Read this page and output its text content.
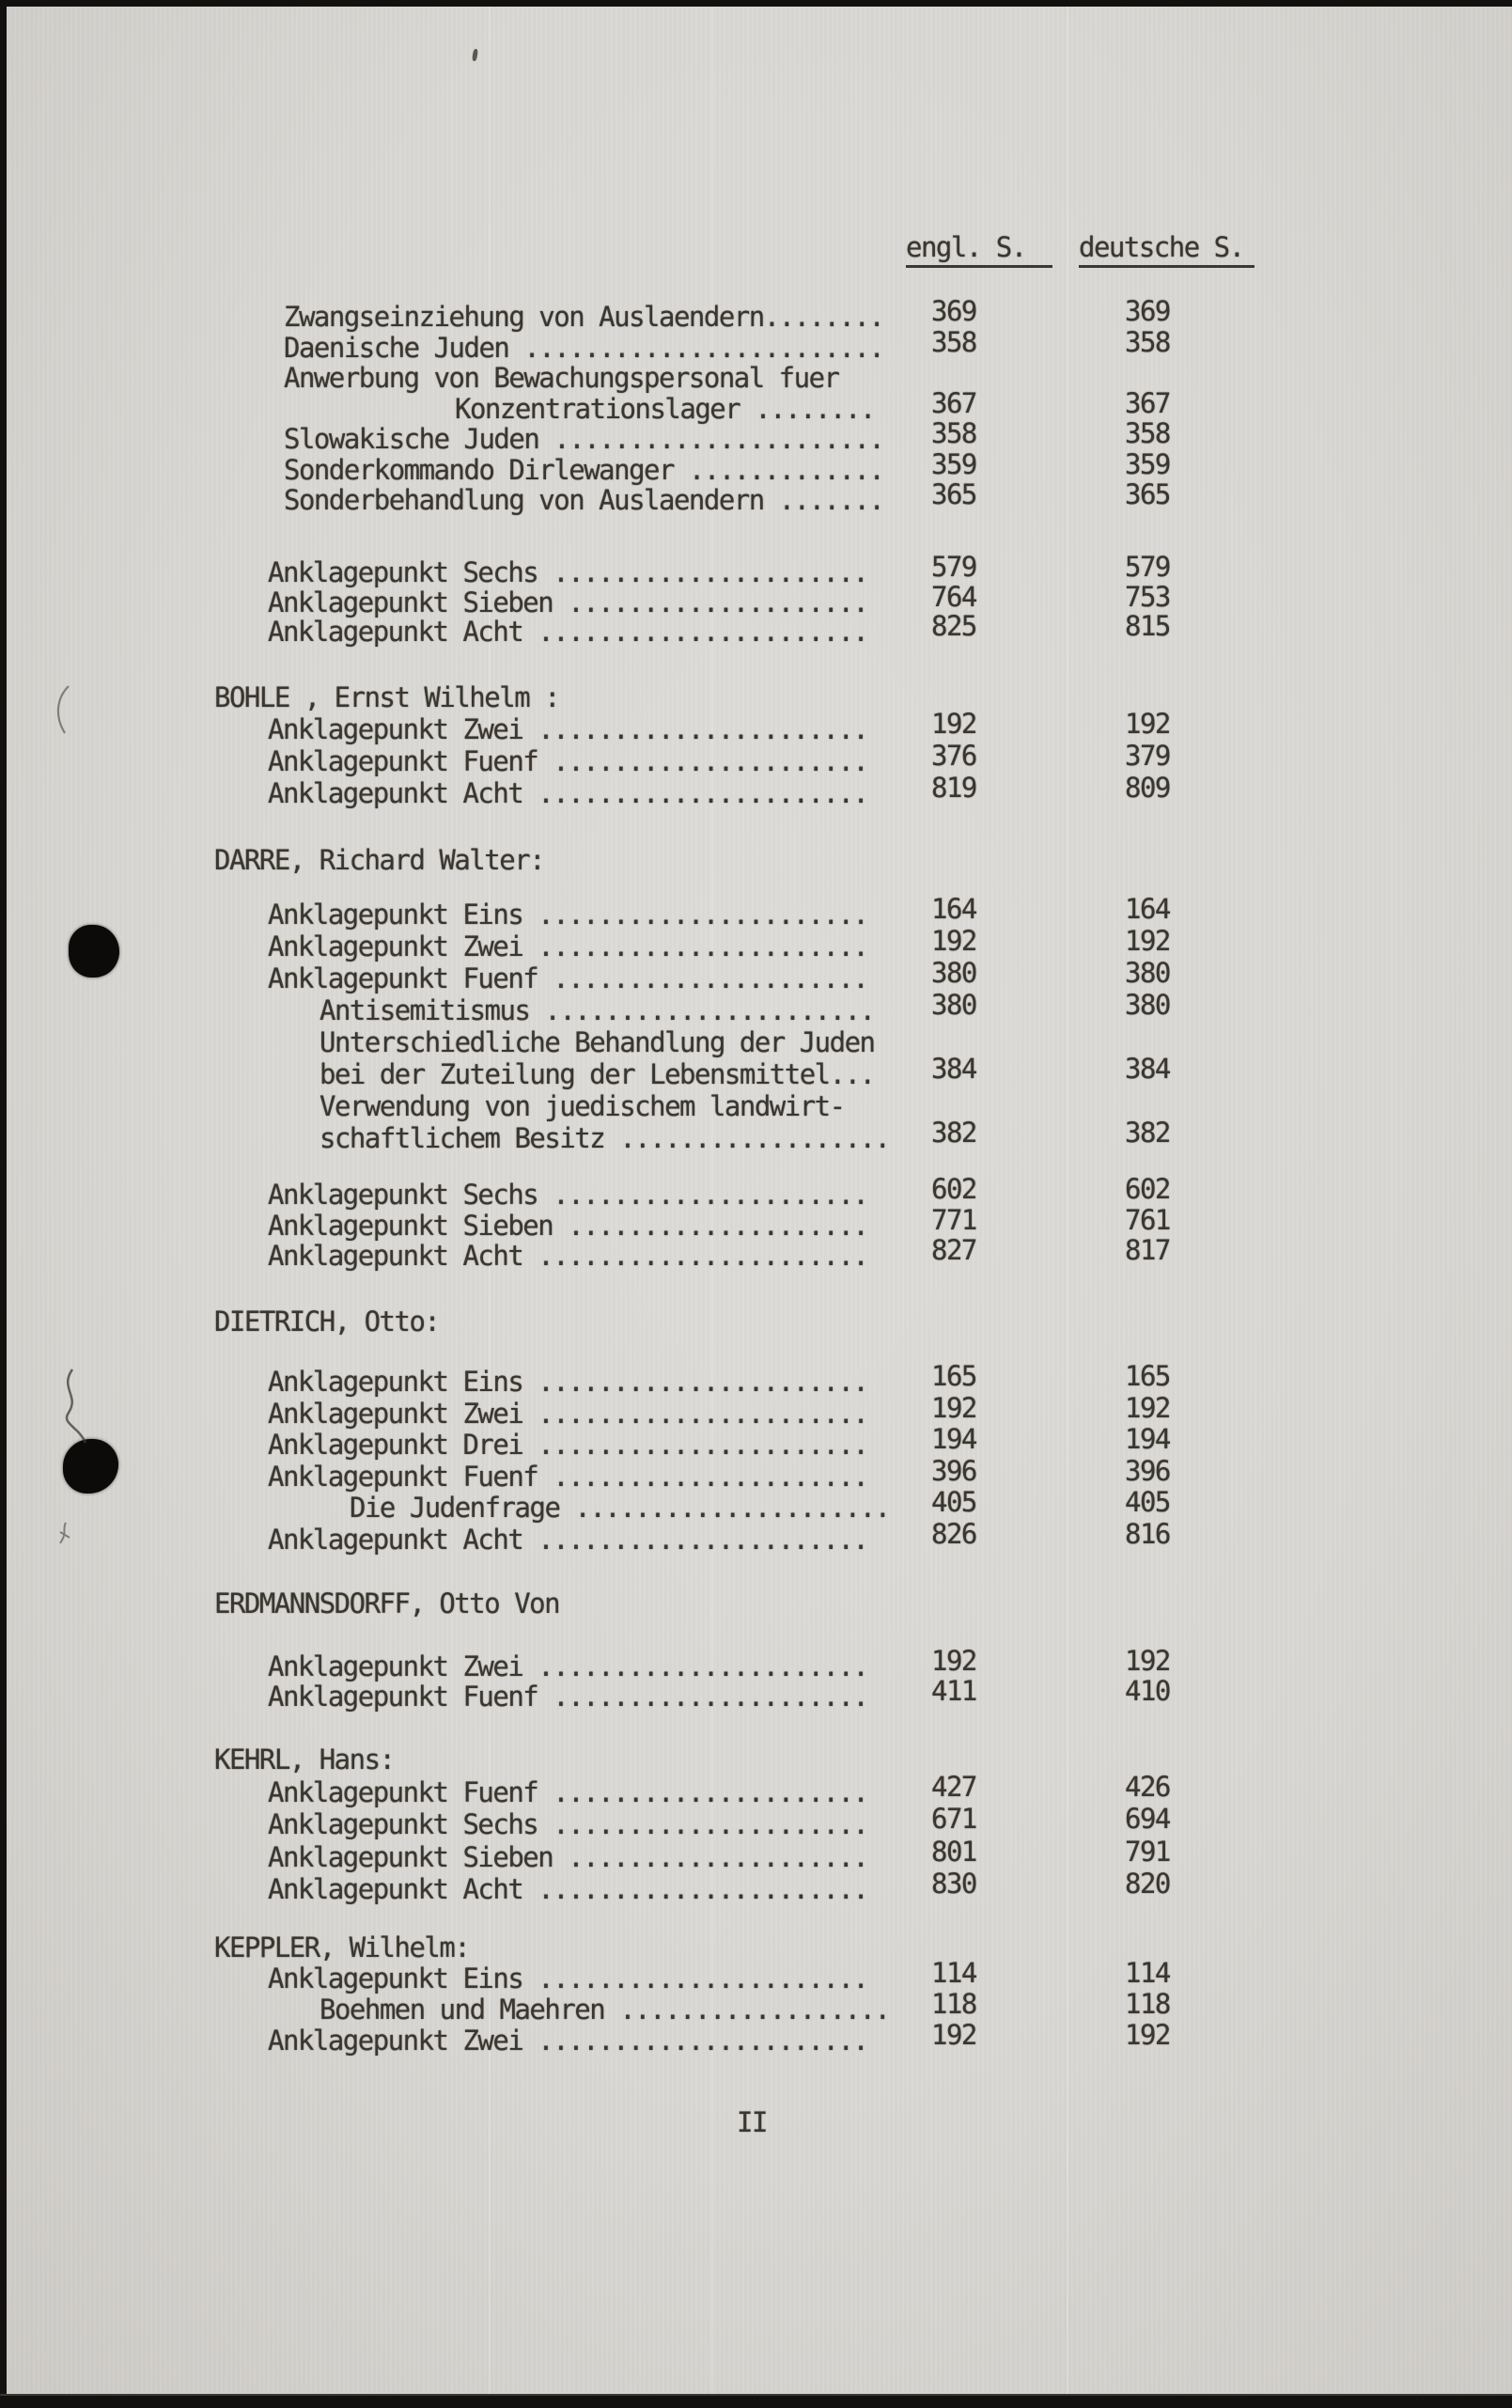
engl. S.	deutsche S.
Zwangseinziehung von Auslaendern........ 369	369
Daenische Juden ........................ 358	358
Anwerbung von Bewachungspersonal fuer
Konzentrationslager ........ 367	367
Slowakische Juden ...................... 358	358
Sonderkommando Dirlewanger ............. 359	359
Sonderbehandlung von Auslaendern ....... 365	365
Anklagepunkt Sechs ..................... 579	579
Anklagepunkt Sieben .................... 764	753
Anklagepunkt Acht ...................... 825	815
BOHLE , Ernst Wilhelm :
Anklagepunkt Zwei ...................... 192	192
Anklagepunkt Fuenf ..................... 376	379
Anklagepunkt Acht ...................... 819	809
DARRE, Richard Walter:
Anklagepunkt Eins ...................... 164	164
Anklagepunkt Zwei ...................... 192	192
Anklagepunkt Fuenf ..................... 380	380
Antisemitismus ...................... 380	380
Unterschiedliche Behandlung der Juden
bei der Zuteilung der Lebensmittel... 384	384
Verwendung von juedischem landwirt-
schaftlichem Besitz .................. 382	382
Anklagepunkt Sechs ..................... 602	602
Anklagepunkt Sieben .................... 771	761
Anklagepunkt Acht ...................... 827	817
DIETRICH, Otto:
Anklagepunkt Eins ...................... 165	165
Anklagepunkt Zwei ...................... 192	192
Anklagepunkt Drei ...................... 194	194
Anklagepunkt Fuenf ..................... 396	396
Die Judenfrage ..................... 405	405
Anklagepunkt Acht ...................... 826	816
ERDMANNSDORFF, Otto Von
Anklagepunkt Zwei ...................... 192	192
Anklagepunkt Fuenf ..................... 411	410
KEHRL, Hans:
Anklagepunkt Fuenf ..................... 427	426
Anklagepunkt Sechs ..................... 671	694
Anklagepunkt Sieben .................... 801	791
Anklagepunkt Acht ...................... 830	820
KEPPLER, Wilhelm:
Anklagepunkt Eins ...................... 114	114
Boehmen und Maehren .................. 118	118
Anklagepunkt Zwei ...................... 192	192
II
